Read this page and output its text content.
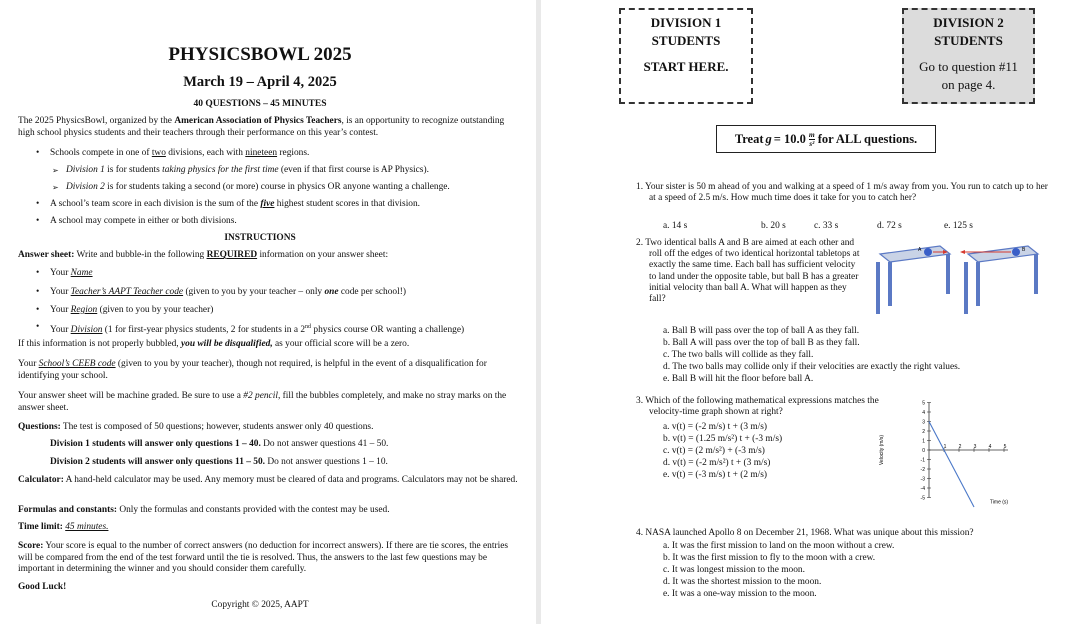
PHYSICSBOWL 2025
March 19 – April 4, 2025
40 QUESTIONS – 45 MINUTES
The 2025 PhysicsBowl, organized by the American Association of Physics Teachers, is an opportunity to recognize outstanding high school physics students and their teachers through their performance on this year’s contest.
• Schools compete in one of two divisions, each with nineteen regions.
➢ Division 1 is for students taking physics for the first time (even if that first course is AP Physics).
➢ Division 2 is for students taking a second (or more) course in physics OR anyone wanting a challenge.
• A school’s team score in each division is the sum of the five highest student scores in that division.
• A school may compete in either or both divisions.
INSTRUCTIONS
Answer sheet: Write and bubble-in the following REQUIRED information on your answer sheet:
• Your Name
• Your Teacher’s AAPT Teacher code (given to you by your teacher – only one code per school!)
• Your Region (given to you by your teacher)
• Your Division (1 for first-year physics students, 2 for students in a 2nd physics course OR wanting a challenge)
If this information is not properly bubbled, you will be disqualified, as your official score will be a zero.
Your School’s CEEB code (given to you by your teacher), though not required, is helpful in the event of a disqualification for identifying your school.
Your answer sheet will be machine graded. Be sure to use a #2 pencil, fill the bubbles completely, and make no stray marks on the answer sheet.
Questions: The test is composed of 50 questions; however, students answer only 40 questions.
Division 1 students will answer only questions 1 – 40. Do not answer questions 41 – 50.
Division 2 students will answer only questions 11 – 50. Do not answer questions 1 – 10.
Calculator: A hand-held calculator may be used. Any memory must be cleared of data and programs. Calculators may not be shared.
Formulas and constants: Only the formulas and constants provided with the contest may be used.
Time limit: 45 minutes.
Score: Your score is equal to the number of correct answers (no deduction for incorrect answers). If there are tie scores, the entries will be compared from the end of the test forward until the tie is resolved. Thus, the answers to the last few questions may be important in determining the winner and you should consider them carefully.
Good Luck!
Copyright © 2025, AAPT
DIVISION 1
STUDENTS
START HERE.
DIVISION 2
STUDENTS
Go to question #11
on page 4.
Treat g = 10.0 m
s² for ALL questions.
1. Your sister is 50 m ahead of you and walking at a speed of 1 m/s away from you. You run to catch up to her at a speed of 2.5 m/s. How much time does it take for you to catch her?
a. 14 s	b. 20 s	c. 33 s	d. 72 s	e. 125 s
2. Two identical balls A and B are aimed at each other and roll off the edges of two identical horizontal tabletops at exactly the same time. Each ball has sufficient velocity to land under the opposite table, but ball B has a greater initial velocity than ball A. What will happen as they fall?
A	B
a. Ball B will pass over the top of ball A as they fall.
b. Ball A will pass over the top of ball B as they fall.
c. The two balls will collide as they fall.
d. The two balls may collide only if their velocities are exactly the right values.
e. Ball B will hit the floor before ball A.
3. Which of the following mathematical expressions matches the velocity-time graph shown at right?
a. v(t) = (-2 m/s) t + (3 m/s)
b. v(t) = (1.25 m/s²) t + (-3 m/s)
c. v(t) = (2 m/s²) + (-3 m/s)
d. v(t) = (-2 m/s²) t + (3 m/s)
e. v(t) = (-3 m/s) t + (2 m/s)
5
4
3
2
1
0
-1
-2
-3
-4
-5
1 2 3 4 5
Velocity (m/s)
Time (s)
4. NASA launched Apollo 8 on December 21, 1968. What was unique about this mission?
a. It was the first mission to land on the moon without a crew.
b. It was the first mission to fly to the moon with a crew.
c. It was longest mission to the moon.
d. It was the shortest mission to the moon.
e. It was a one-way mission to the moon.
